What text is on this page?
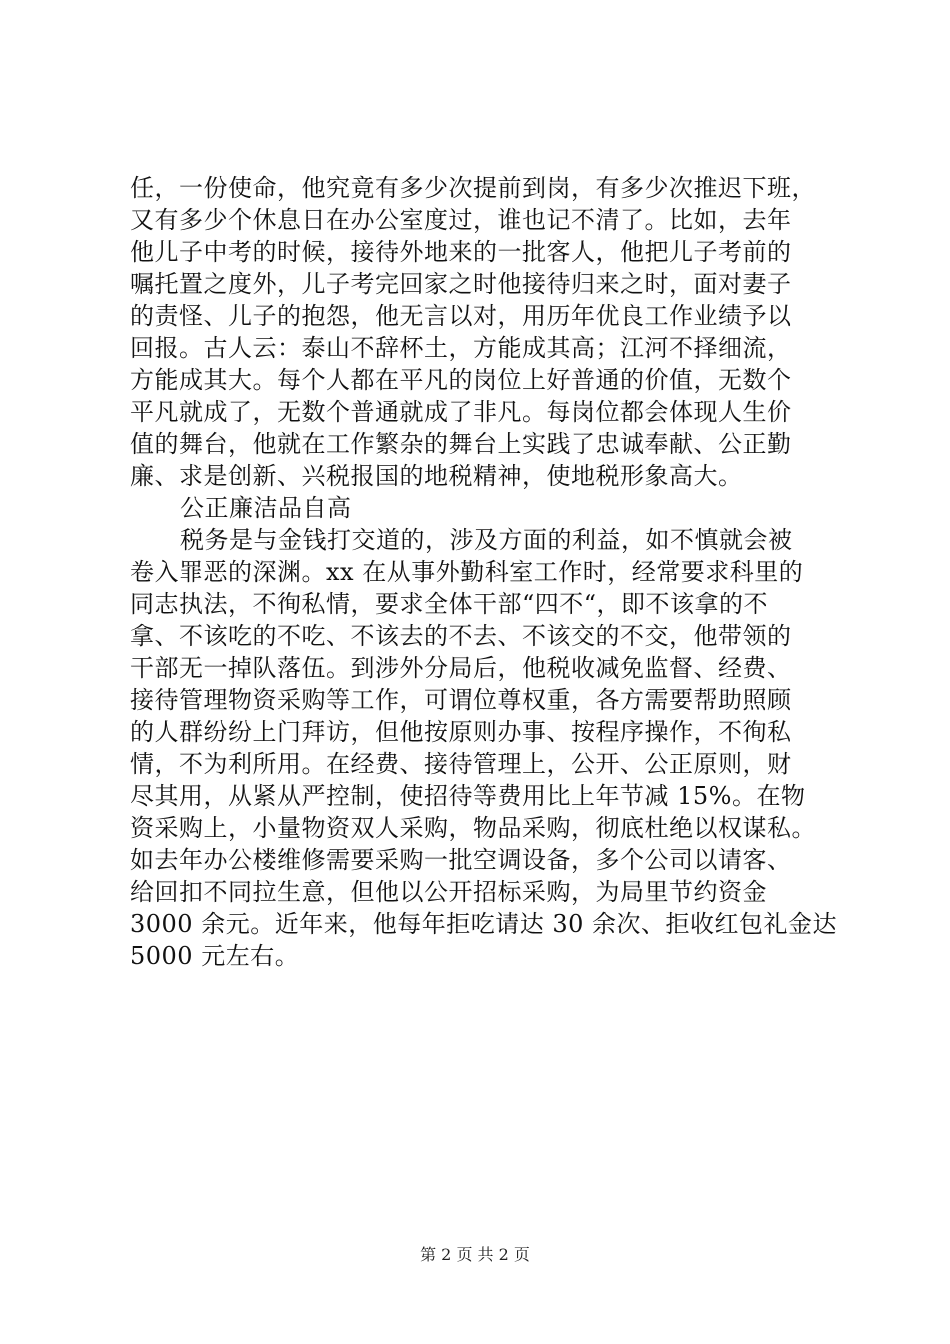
任，一份使命，他究竟有多少次提前到岗，有多少次推迟下班，
又有多少个休息日在办公室度过，谁也记不清了。比如，去年
他儿子中考的时候，接待外地来的一批客人，他把儿子考前的
嘱托置之度外，儿子考完回家之时他接待归来之时，面对妻子
的责怪、儿子的抱怨，他无言以对，用历年优良工作业绩予以
回报。古人云：泰山不辞杯土，方能成其高；江河不择细流，
方能成其大。每个人都在平凡的岗位上好普通的价值，无数个
平凡就成了，无数个普通就成了非凡。每岗位都会体现人生价
值的舞台，他就在工作繁杂的舞台上实践了忠诚奉献、公正勤
廉、求是创新、兴税报国的地税精神，使地税形象高大。
公正廉洁品自高
税务是与金钱打交道的，涉及方面的利益，如不慎就会被
卷入罪恶的深渊。xx 在从事外勤科室工作时，经常要求科里的
同志执法，不徇私情，要求全体干部“四不“，即不该拿的不
拿、不该吃的不吃、不该去的不去、不该交的不交，他带领的
干部无一掉队落伍。到涉外分局后，他税收减免监督、经费、
接待管理物资采购等工作，可谓位尊权重，各方需要帮助照顾
的人群纷纷上门拜访，但他按原则办事、按程序操作，不徇私
情，不为利所用。在经费、接待管理上，公开、公正原则，财
尽其用，从紧从严控制，使招待等费用比上年节减 15%。在物
资采购上，小量物资双人采购，物品采购，彻底杜绝以权谋私。
如去年办公楼维修需要采购一批空调设备，多个公司以请客、
给回扣不同拉生意，但他以公开招标采购，为局里节约资金
3000 余元。近年来，他每年拒吃请达 30 余次、拒收红包礼金达
5000 元左右。
第 2 页 共 2 页
